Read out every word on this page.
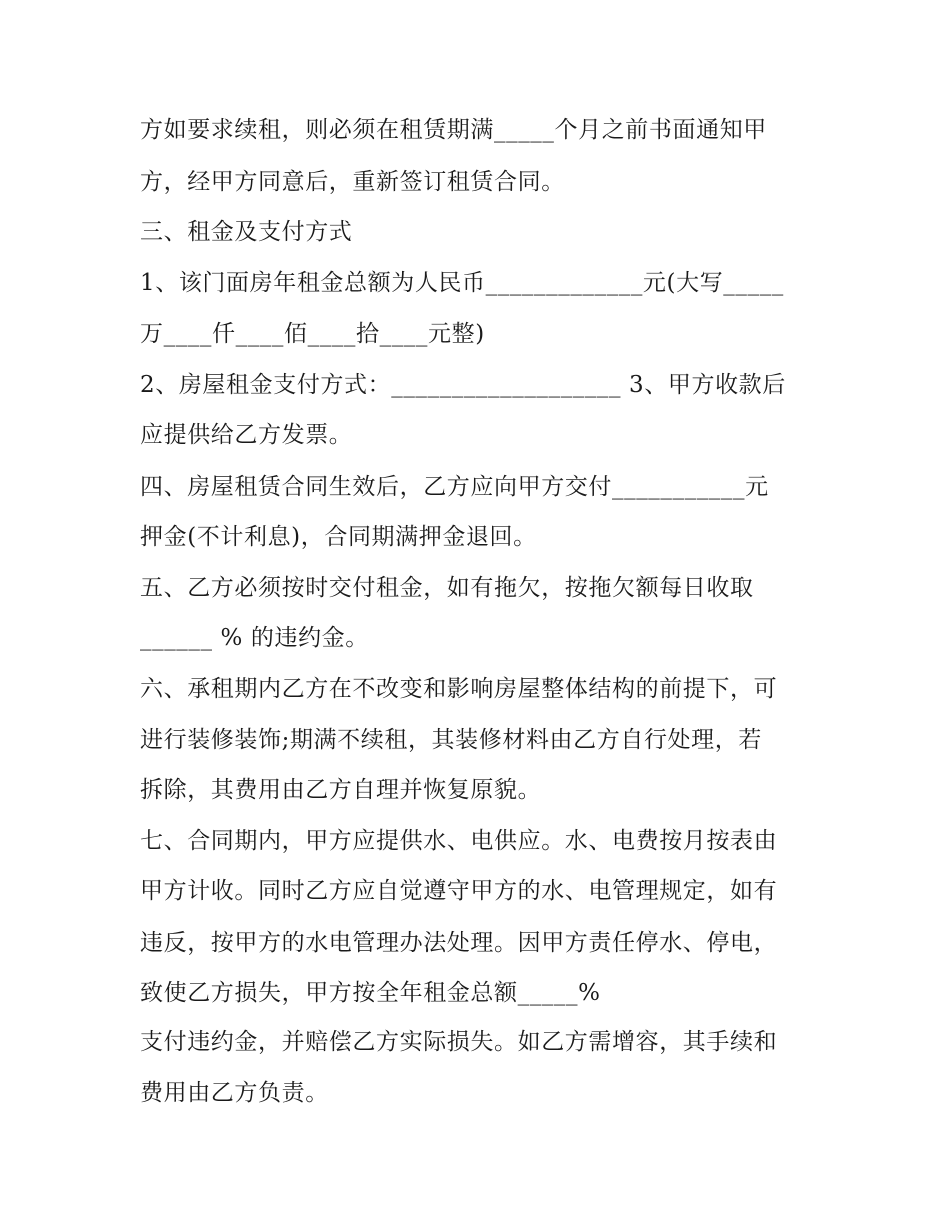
方如要求续租，则必须在租赁期满_____个月之前书面通知甲
方，经甲方同意后，重新签订租赁合同。
三、租金及支付方式
1、该门面房年租金总额为人民币_____________元(大写_____
万____仟____佰____拾____元整)
2、房屋租金支付方式：___________________ 3、甲方收款后
应提供给乙方发票。
四、房屋租赁合同生效后，乙方应向甲方交付___________元
押金(不计利息)，合同期满押金退回。
五、乙方必须按时交付租金，如有拖欠，按拖欠额每日收取
______ % 的违约金。
六、承租期内乙方在不改变和影响房屋整体结构的前提下，可
进行装修装饰;期满不续租，其装修材料由乙方自行处理，若
拆除，其费用由乙方自理并恢复原貌。
七、合同期内，甲方应提供水、电供应。水、电费按月按表由
甲方计收。同时乙方应自觉遵守甲方的水、电管理规定，如有
违反，按甲方的水电管理办法处理。因甲方责任停水、停电，
致使乙方损失，甲方按全年租金总额_____%
支付违约金，并赔偿乙方实际损失。如乙方需增容，其手续和
费用由乙方负责。
